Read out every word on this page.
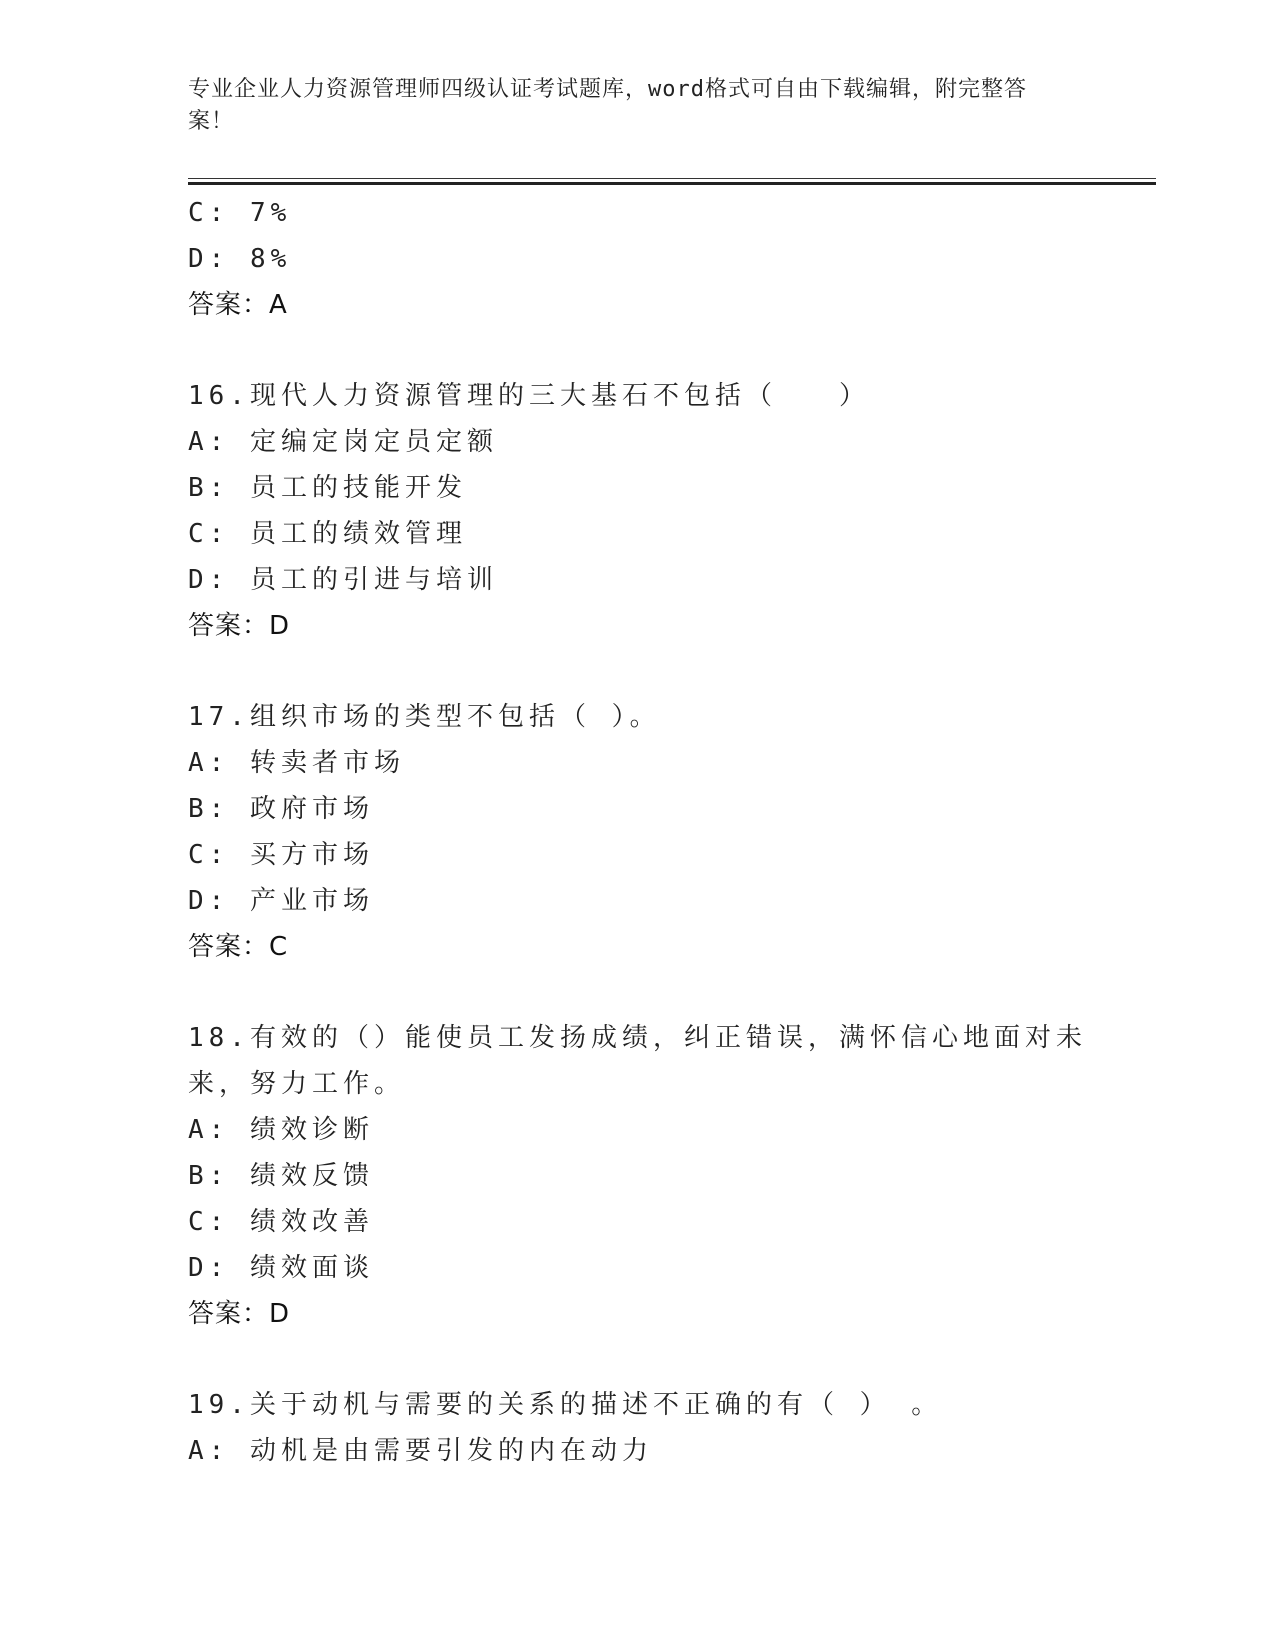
专业企业人力资源管理师四级认证考试题库，word格式可自由下载编辑，附完整答案！
C: 7%
D: 8%
答案：A
16.现代人力资源管理的三大基石不包括（　　）
A: 定编定岗定员定额
B: 员工的技能开发
C: 员工的绩效管理
D: 员工的引进与培训
答案：D
17.组织市场的类型不包括（ ）。
A: 转卖者市场
B: 政府市场
C: 买方市场
D: 产业市场
答案：C
18.有效的（）能使员工发扬成绩，纠正错误，满怀信心地面对未来，努力工作。
A: 绩效诊断
B: 绩效反馈
C: 绩效改善
D: 绩效面谈
答案：D
19.关于动机与需要的关系的描述不正确的有（ ） 。
A: 动机是由需要引发的内在动力
